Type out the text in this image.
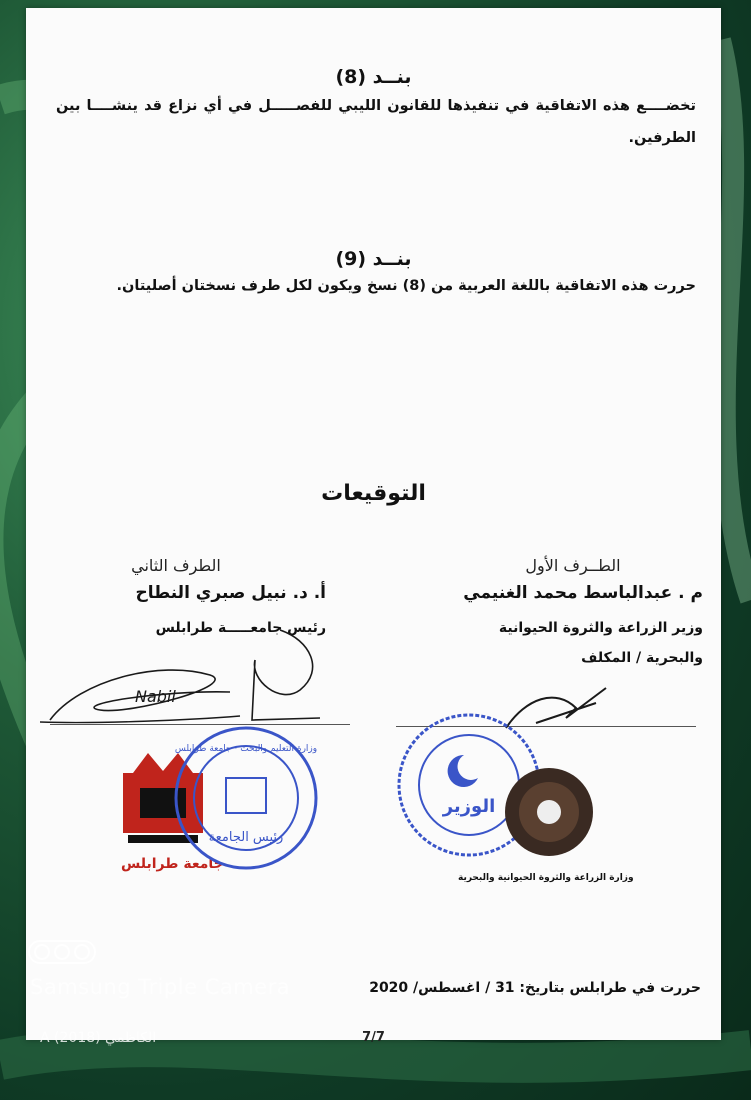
بنــد (8)
تخضــــع هذه الاتفاقية في تنفيذها للقانون الليبي للفصـــــل في أي نزاع قد ينشــــا بين الطرفين.
بنــد (9)
حررت هذه الاتفاقية باللغة العربية من (8) نسخ ويكون لكل طرف نسختان أصليتان.
التوقيعات
الطــرف الأول
م . عبدالباسط محمد الغنيمي
وزير الزراعة والثروة الحيوانية
والبحرية / المكلف
الطرف الثاني
أ. د. نبيل صبري النطاح
رئيس جامعـــــة طرابلس
Nabil
جامعة طرابلس
رئيس الجامعة
وزارة التعليم والبحث · جامعة طرابلس
الوزير
وزارة الزراعة والثروة الحيوانية والبحرية
حررت في طرابلس بتاريخ: 31 / اغسطس/ 2020
7/7
Samsung Triple Camera
الكاظمي (2018) A
